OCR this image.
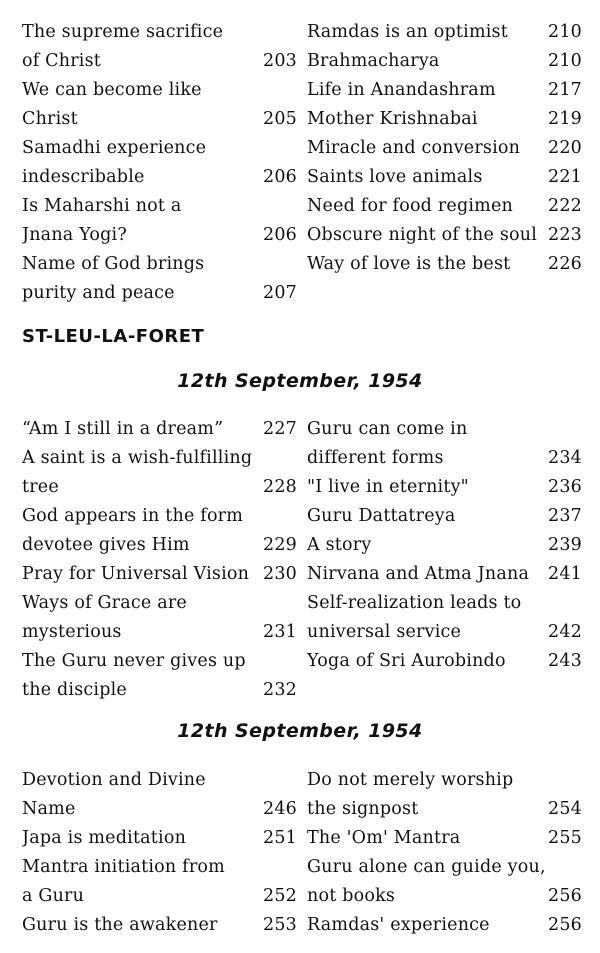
The supreme sacrifice
of Christ	203
We can become like
Christ	205
Samadhi experience
indescribable	206
Is Maharshi not a
Jnana Yogi?	206
Name of God brings
purity and peace	207
Ramdas is an optimist 210
Brahmacharya	210
Life in Anandashram	217
Mother Krishnabai	219
Miracle and conversion 220
Saints love animals	221
Need for food regimen 222
Obscure night of the soul 223
Way of love is the best 226
ST-LEU-LA-FORET
12th September, 1954
“Am I still in a dream” 227
A saint is a wish-fulfilling
tree	228
God appears in the form
devotee gives Him	229
Pray for Universal Vision 230
Ways of Grace are
mysterious	231
The Guru never gives up
the disciple	232
Guru can come in
different forms	234
"I live in eternity"	236
Guru Dattatreya	237
A story	239
Nirvana and Atma Jnana 241
Self-realization leads to
universal service	242
Yoga of Sri Aurobindo 243
12th September, 1954
Devotion and Divine
Name	246
Japa is meditation	251
Mantra initiation from
a Guru	252
Guru is the awakener	253
Do not merely worship
the signpost	254
The 'Om' Mantra	255
Guru alone can guide you,
not books	256
Ramdas' experience	256
